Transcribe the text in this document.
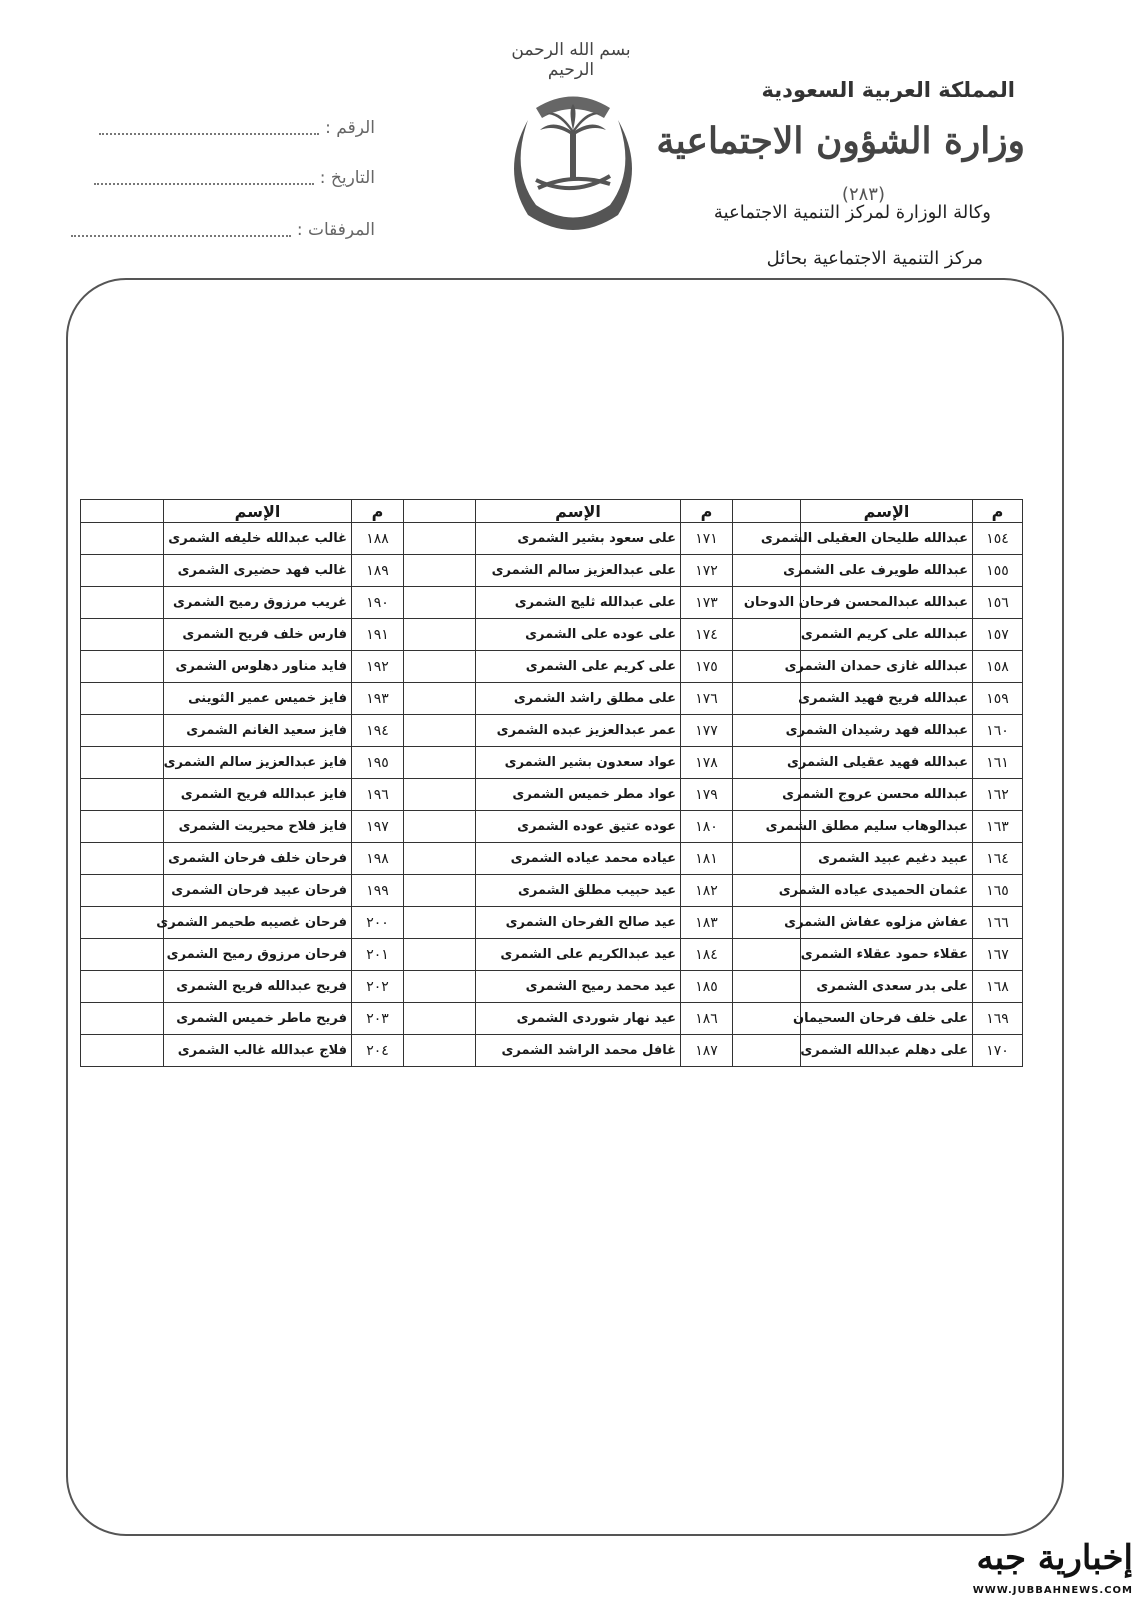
المملكة العربية السعودية
وزارة الشؤون الاجتماعية
(٢٨٣)
وكالة الوزارة لمركز التنمية الاجتماعية
مركز التنمية الاجتماعية بحائل
بسم الله الرحمن الرحيم
الرقم :
التاريخ :
المرفقات :
م	الإسم		م	الإسم		م	الإسم	
١٥٤	عبدالله طليحان العقيلى الشمرى		١٧١	على سعود بشير الشمرى		١٨٨	غالب عبدالله خليفه الشمرى	
١٥٥	عبدالله طويرف على الشمرى		١٧٢	على عبدالعزيز سالم الشمرى		١٨٩	غالب فهد حضيرى الشمرى	
١٥٦	عبدالله عبدالمحسن فرحان الدوحان		١٧٣	على عبدالله ثليج الشمرى		١٩٠	غريب مرزوق رميح الشمرى	
١٥٧	عبدالله على كريم الشمرى		١٧٤	على عوده على الشمرى		١٩١	فارس خلف فريح الشمرى	
١٥٨	عبدالله غازى حمدان الشمرى		١٧٥	على كريم على الشمرى		١٩٢	فايد مناور دهلوس الشمرى	
١٥٩	عبدالله فريح فهيد الشمرى		١٧٦	على مطلق راشد الشمرى		١٩٣	فايز خميس عمير الثوينى	
١٦٠	عبدالله فهد رشيدان الشمرى		١٧٧	عمر عبدالعزيز عبده الشمرى		١٩٤	فايز سعيد الغانم الشمرى	
١٦١	عبدالله فهيد عقيلى الشمرى		١٧٨	عواد سعدون بشير الشمرى		١٩٥	فايز عبدالعزيز سالم الشمرى	
١٦٢	عبدالله محسن عروج الشمرى		١٧٩	عواد مطر خميس الشمرى		١٩٦	فايز عبدالله فريح الشمرى	
١٦٣	عبدالوهاب سليم مطلق الشمرى		١٨٠	عوده عتيق عوده الشمرى		١٩٧	فايز فلاح محيريت الشمرى	
١٦٤	عبيد دغيم عبيد الشمرى		١٨١	عياده محمد عياده الشمرى		١٩٨	فرحان خلف فرحان الشمرى	
١٦٥	عثمان الحميدى عياده الشمرى		١٨٢	عيد حبيب مطلق الشمرى		١٩٩	فرحان عبيد فرحان الشمرى	
١٦٦	عفاش مزلوه عفاش الشمرى		١٨٣	عيد صالح الفرحان الشمرى		٢٠٠	فرحان غصيبه طحيمر الشمرى	
١٦٧	عقلاء حمود عقلاء الشمرى		١٨٤	عيد عبدالكريم على الشمرى		٢٠١	فرحان مرزوق رميح الشمرى	
١٦٨	على بدر سعدى الشمرى		١٨٥	عيد محمد رميح الشمرى		٢٠٢	فريح عبدالله فريح الشمرى	
١٦٩	على خلف فرحان السحيمان		١٨٦	عيد نهار شوردى الشمرى		٢٠٣	فريح ماطر خميس الشمرى	
١٧٠	على دهلم عبدالله الشمرى		١٨٧	غافل محمد الراشد الشمرى		٢٠٤	فلاج عبدالله غالب الشمرى	
إخبارية جبه
WWW.JUBBAHNEWS.COM
